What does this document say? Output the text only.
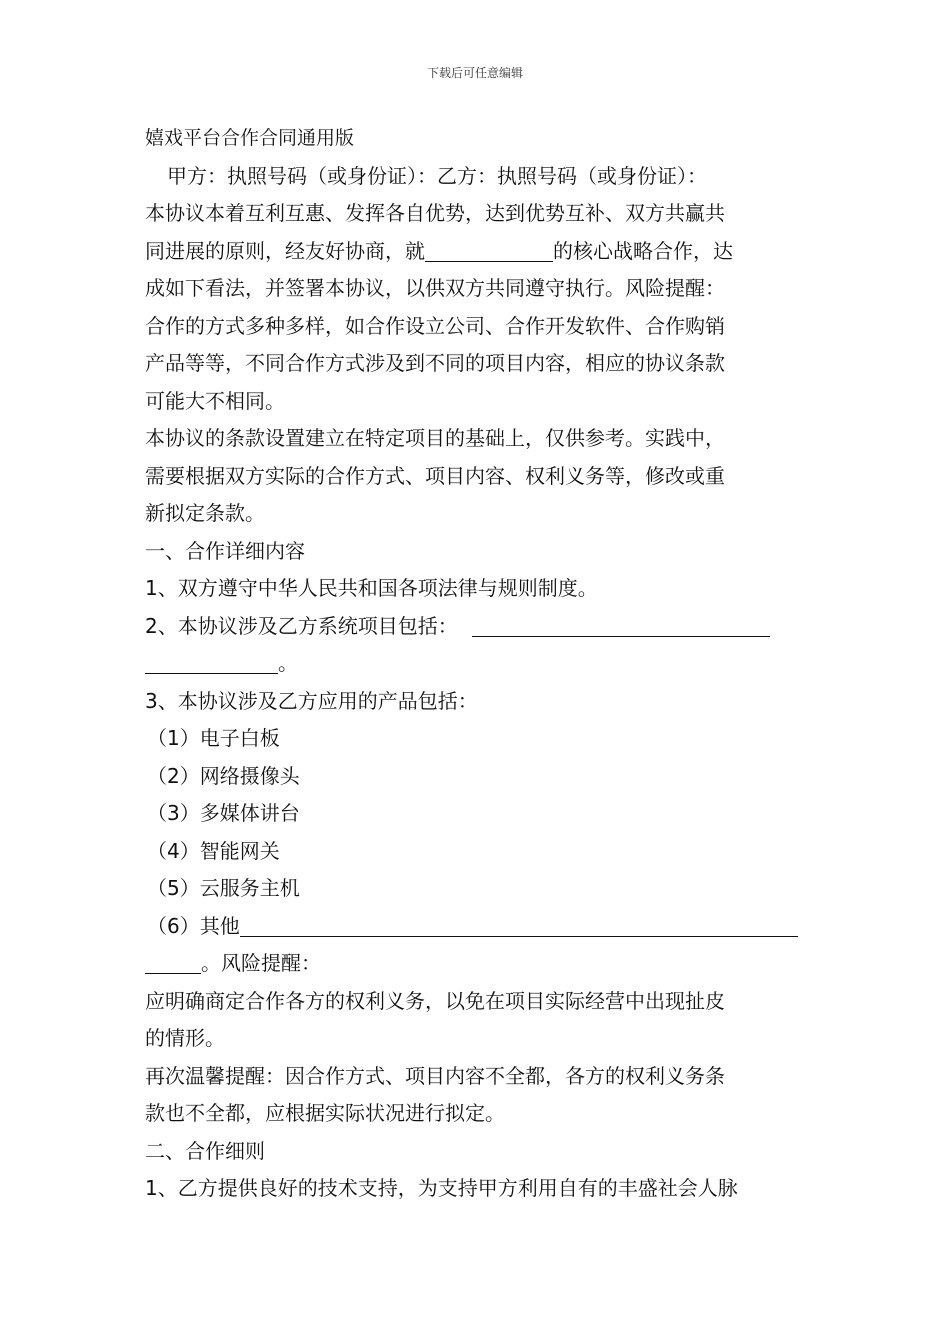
下载后可任意编辑
嬉戏平台合作合同通用版
甲方：执照号码（或身份证）：乙方：执照号码（或身份证）：
本协议本着互利互惠、发挥各自优势，达到优势互补、双方共赢共
同进展的原则，经友好协商，就	的核心战略合作，达
成如下看法，并签署本协议，以供双方共同遵守执行。风险提醒：
合作的方式多种多样，如合作设立公司、合作开发软件、合作购销
产品等等，不同合作方式涉及到不同的项目内容，相应的协议条款
可能大不相同。
本协议的条款设置建立在特定项目的基础上，仅供参考。实践中，
需要根据双方实际的合作方式、项目内容、权利义务等，修改或重
新拟定条款。
一、合作详细内容
1、双方遵守中华人民共和国各项法律与规则制度。
2、本协议涉及乙方系统项目包括：
。
3、本协议涉及乙方应用的产品包括：
（1）电子白板
（2）网络摄像头
（3）多媒体讲台
（4）智能网关
（5）云服务主机
（6）其他
。风险提醒：
应明确商定合作各方的权利义务，以免在项目实际经营中出现扯皮
的情形。
再次温馨提醒：因合作方式、项目内容不全都，各方的权利义务条
款也不全都，应根据实际状况进行拟定。
二、合作细则
1、乙方提供良好的技术支持，为支持甲方利用自有的丰盛社会人脉
